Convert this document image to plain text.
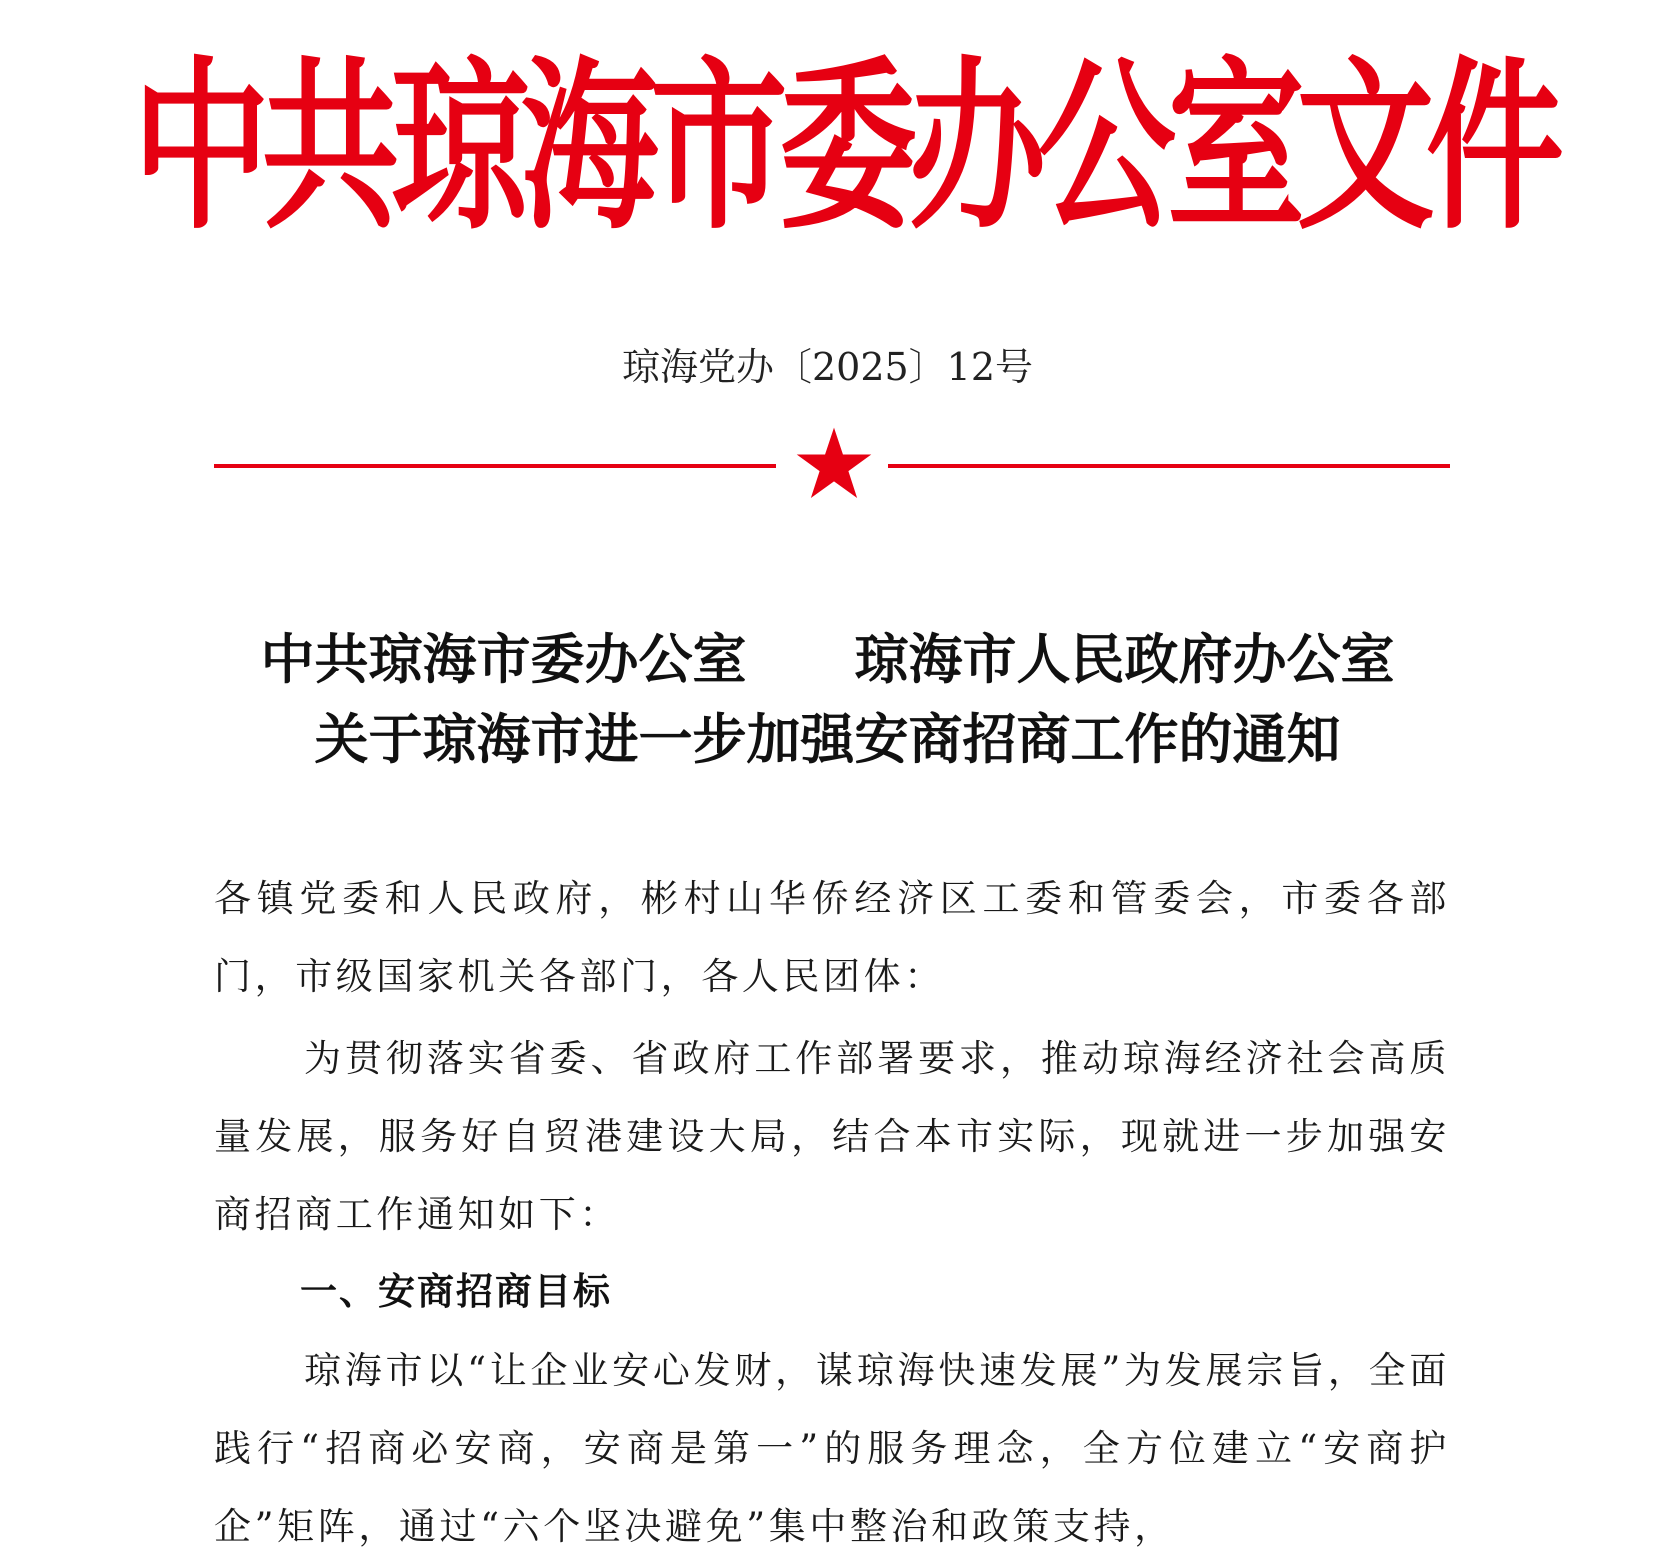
中共琼海市委办公室文件
琼海党办〔2025〕12号
中共琼海市委办公室　　琼海市人民政府办公室
关于琼海市进一步加强安商招商工作的通知

各镇党委和人民政府，彬村山华侨经济区工委和管委会，市委各部门，市级国家机关各部门，各人民团体：

为贯彻落实省委、省政府工作部署要求，推动琼海经济社会高质量发展，服务好自贸港建设大局，结合本市实际，现就进一步加强安商招商工作通知如下：

一、安商招商目标

琼海市以“让企业安心发财，谋琼海快速发展”为发展宗旨，全面践行“招商必安商，安商是第一”的服务理念，全方位建立“安商护企”矩阵，通过“六个坚决避免”集中整治和政策支持，
